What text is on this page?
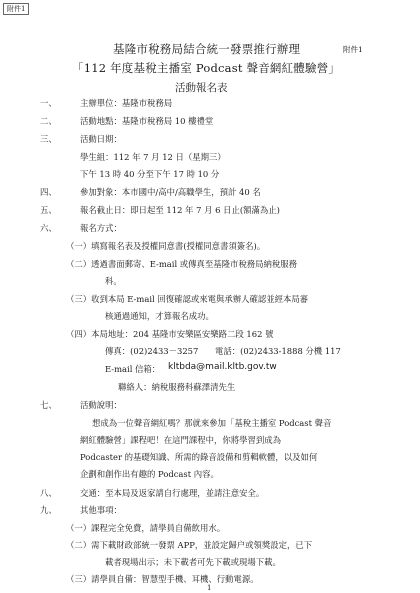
附件1
基隆市稅務局結合統一發票推行辦理	附件1
「112 年度基稅主播室 Podcast 聲音網紅體驗營」
活動報名表
一、	主辦單位：基隆市稅務局
二、	活動地點：基隆市稅務局 10 樓禮堂
三、	活動日期：
學生組：112 年 7 月 12 日（星期三）
下午 13 時 40 分至下午 17 時 10 分
四、	參加對象：本市國中/高中/高職學生，預計 40 名
五、	報名截止日：即日起至 112 年 7 月 6 日止(額滿為止)
六、	報名方式：
（一）填寫報名表及授權同意書(授權同意書須簽名)。
（二）透過書面郵寄、E-mail 或傳真至基隆市稅務局納稅服務
科。
（三）收到本局 E-mail 回復確認或來電與承辦人確認並經本局審
核通過通知，才算報名成功。
（四）本局地址：204 基隆市安樂區安樂路二段 162 號
傳真：(02)2433－3257 電話：(02)2433-1888 分機 117
E-mail 信箱： kltbda@mail.kltb.gov.tw
聯絡人：納稅服務科蘇澤清先生
七、	活動說明：
想成為一位聲音網紅嗎？那就來參加「基稅主播室 Podcast 聲音
網紅體驗營」課程吧！在這門課程中，你將學習到成為
Podcaster 的基礎知識、所需的錄音設備和剪輯軟體，以及如何
企劃和創作出有趣的 Podcast 內容。
八、	交通：至本局及返家請自行處理，並請注意安全。
九、	其他事項：
（一）課程完全免費，請學員自備飲用水。
（二）需下載財政部統一發票 APP，並設定歸户或領獎設定，已下
載者現場出示；未下載者可先下載或現場下載。
（三）請學員自備：智慧型手機、耳機、行動電源。
1
